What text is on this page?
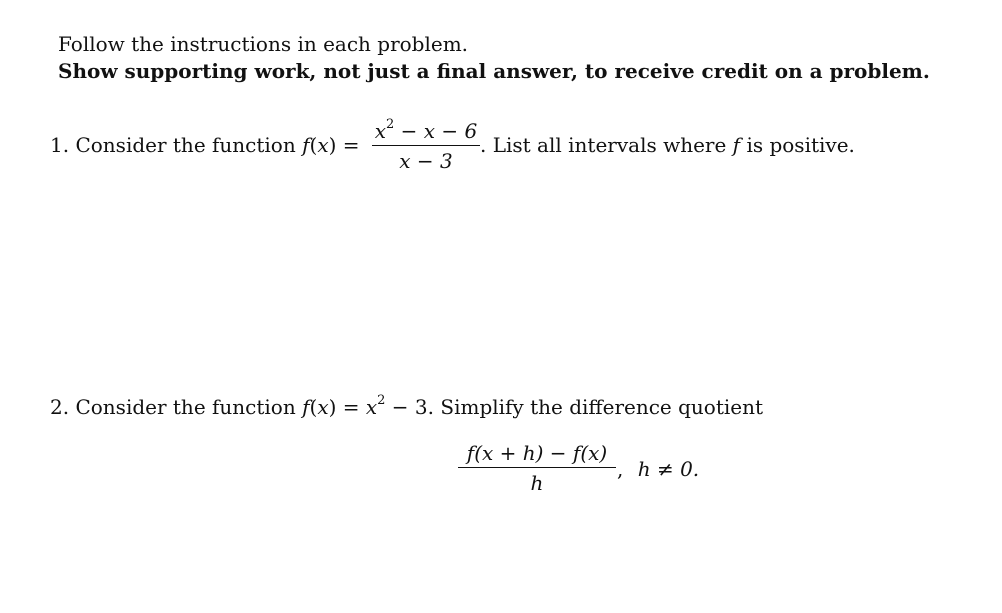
Follow the instructions in each problem.
Show supporting work, not just a final answer, to receive credit on a problem.
1. Consider the function f(x) =
$x^2 - x - 6$
x − 3
. List all intervals where f is positive.
2. Consider the function $f(x) = x^2 - 3$. Simplify the difference quotient
f(x + h) − f(x)
h
, h ≠ 0.
